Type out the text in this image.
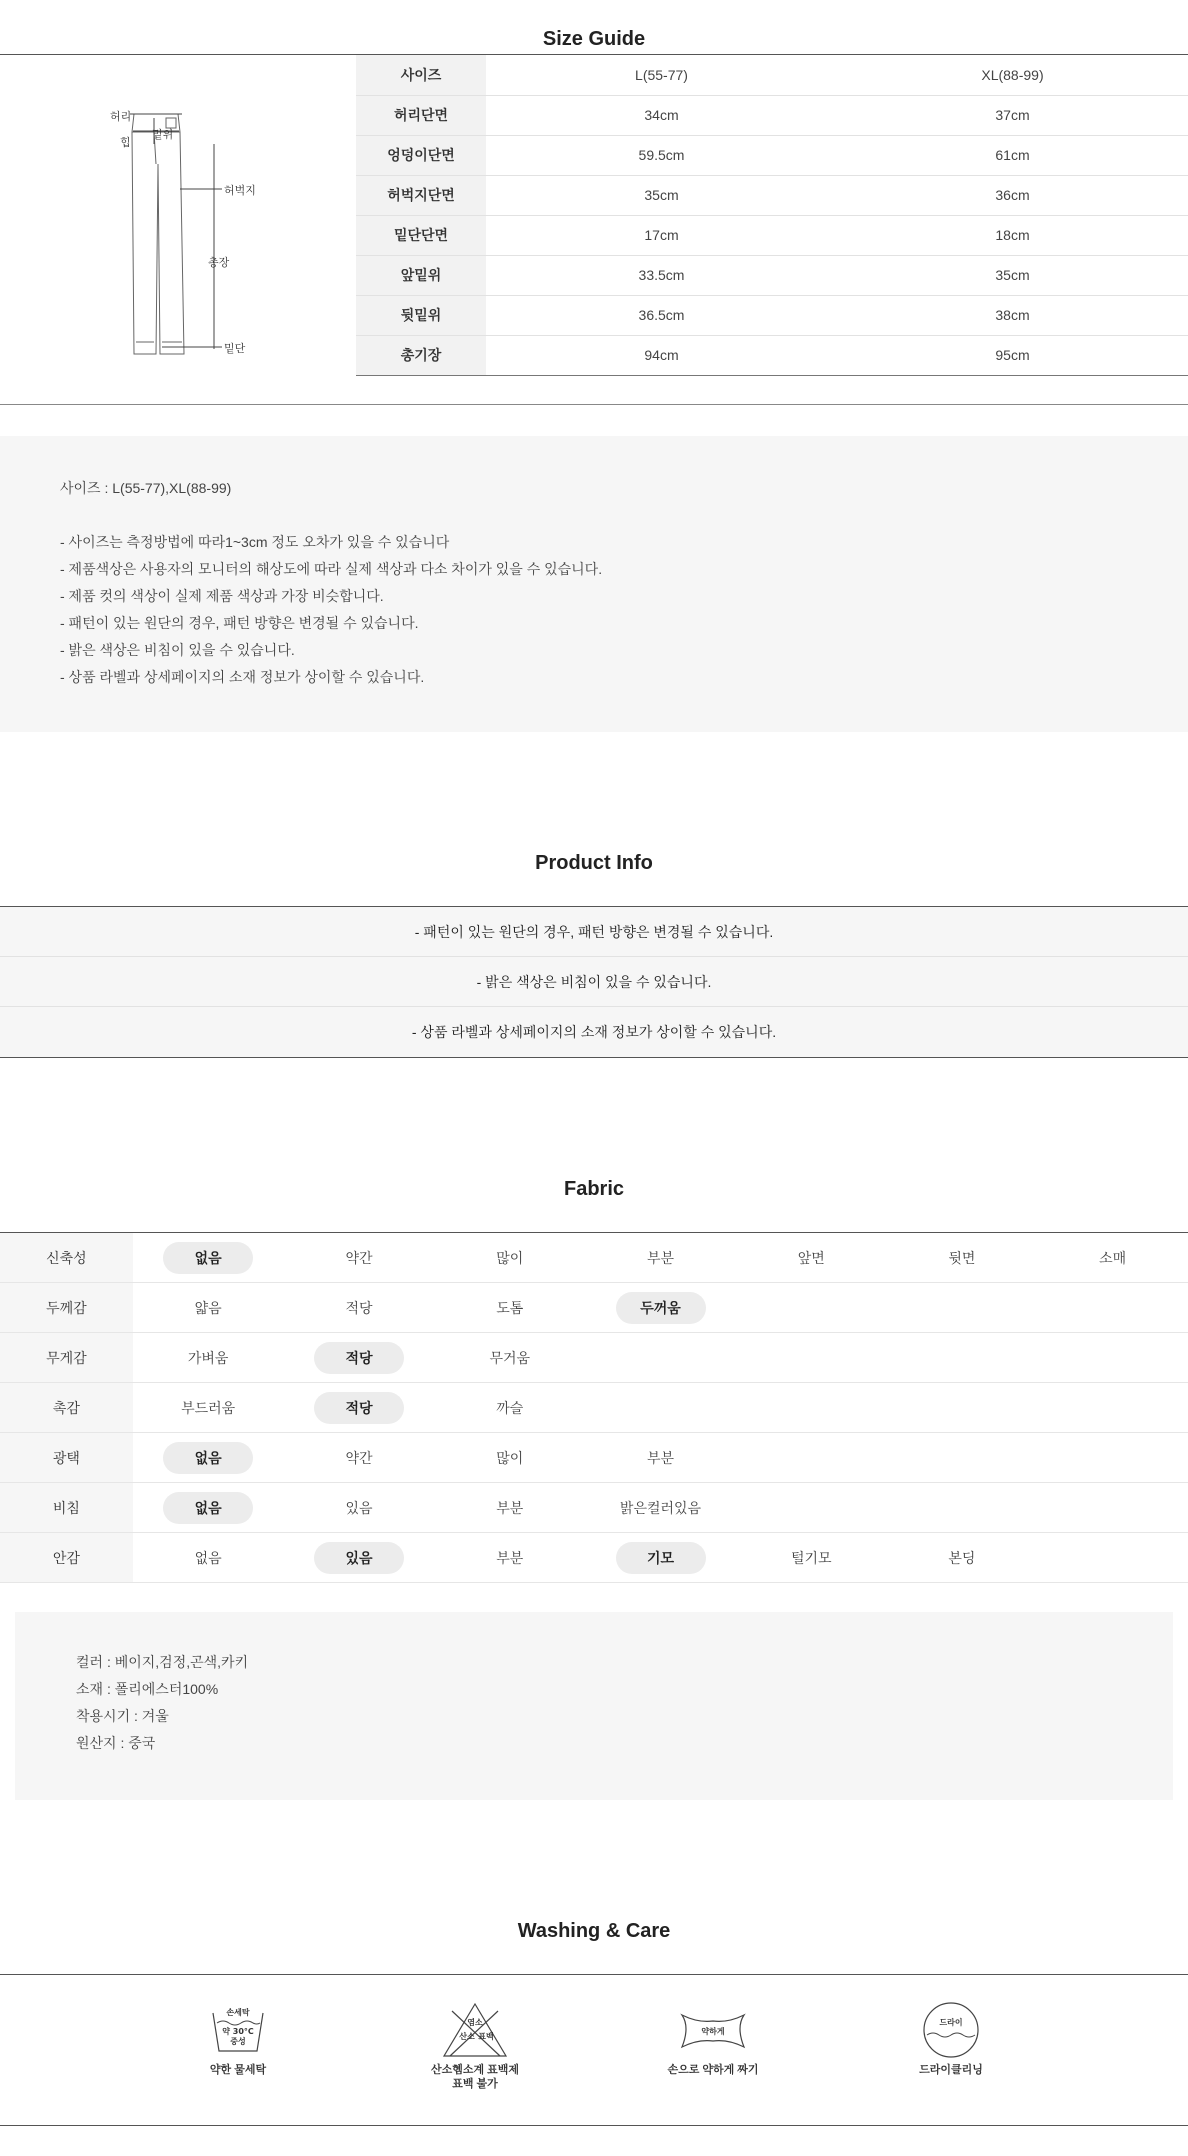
Size Guide
허리
힙
밑위
허벅지
총장
밑단
사이즈	L(55-77)	XL(88-99)
허리단면	34cm	37cm
엉덩이단면	59.5cm	61cm
허벅지단면	35cm	36cm
밑단단면	17cm	18cm
앞밑위	33.5cm	35cm
뒷밑위	36.5cm	38cm
총기장	94cm	95cm
사이즈 : L(55-77),XL(88-99)
- 사이즈는 측정방법에 따라1~3cm 정도 오차가 있을 수 있습니다
- 제품색상은 사용자의 모니터의 해상도에 따라 실제 색상과 다소 차이가 있을 수 있습니다.
- 제품 컷의 색상이 실제 제품 색상과 가장 비슷합니다.
- 패턴이 있는 원단의 경우, 패턴 방향은 변경될 수 있습니다.
- 밝은 색상은 비침이 있을 수 있습니다.
- 상품 라벨과 상세페이지의 소재 정보가 상이할 수 있습니다.
Product Info
- 패턴이 있는 원단의 경우, 패턴 방향은 변경될 수 있습니다.
- 밝은 색상은 비침이 있을 수 있습니다.
- 상품 라벨과 상세페이지의 소재 정보가 상이할 수 있습니다.
Fabric
신축성	없음	약간	많이	부분	앞면	뒷면	소매
두께감	얇음	적당	도톰	두꺼움			
무게감	가벼움	적당	무거움				
촉감	부드러움	적당	까슬				
광택	없음	약간	많이	부분			
비침	없음	있음	부분	밝은컬러있음			
안감	없음	있음	부분	기모	털기모	본딩	
컬러 : 베이지,검정,곤색,카키
소재 : 폴리에스터100%
착용시기 : 겨울
원산지 : 중국
Washing & Care
손세탁
약 30°C
중성
약한 물세탁
염소
산소 표백
산소혬소계 표백제
표백 불가
약하게
손으로 약하게 짜기
드라이
드라이클리닝
